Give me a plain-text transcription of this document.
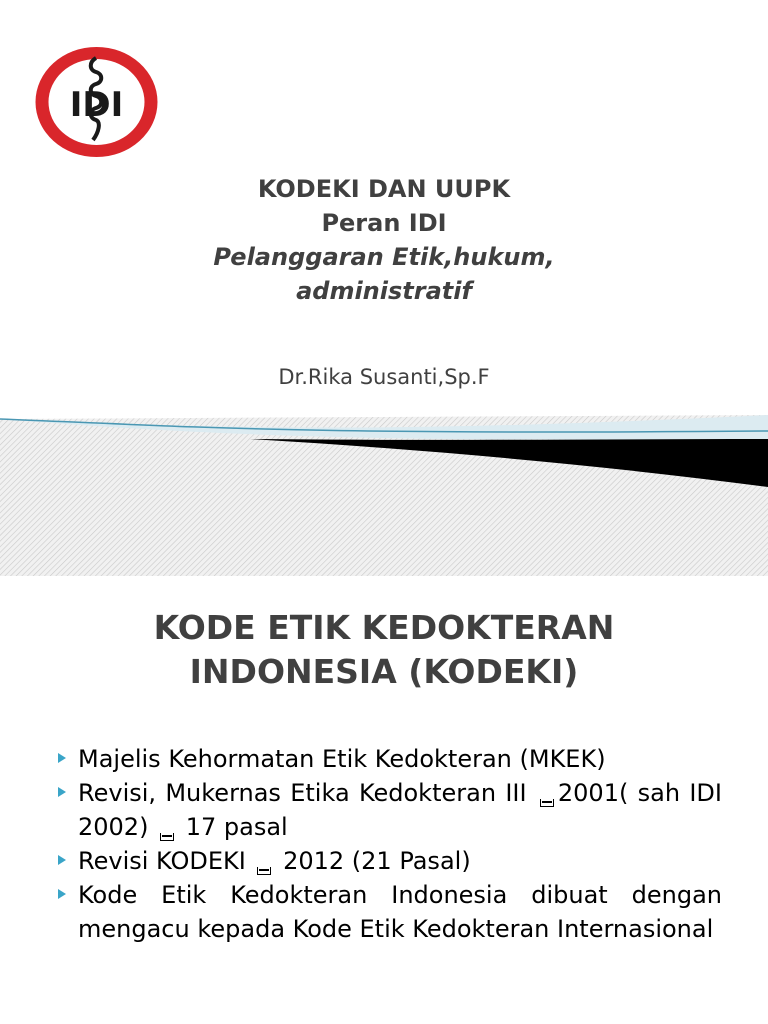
IDI
KODEKI DAN UUPK
Peran IDI
Pelanggaran Etik,hukum,
administratif
Dr.Rika Susanti,Sp.F
KODE ETIK KEDOKTERAN
INDONESIA (KODEKI)
Majelis Kehormatan Etik Kedokteran (MKEK)
Revisi, Mukernas Etika Kedokteran III 2001( sah IDI 2002) 17 pasal
Revisi KODEKI 2012 (21 Pasal)
Kode Etik Kedokteran Indonesia dibuat dengan mengacu kepada Kode Etik Kedokteran Internasional
